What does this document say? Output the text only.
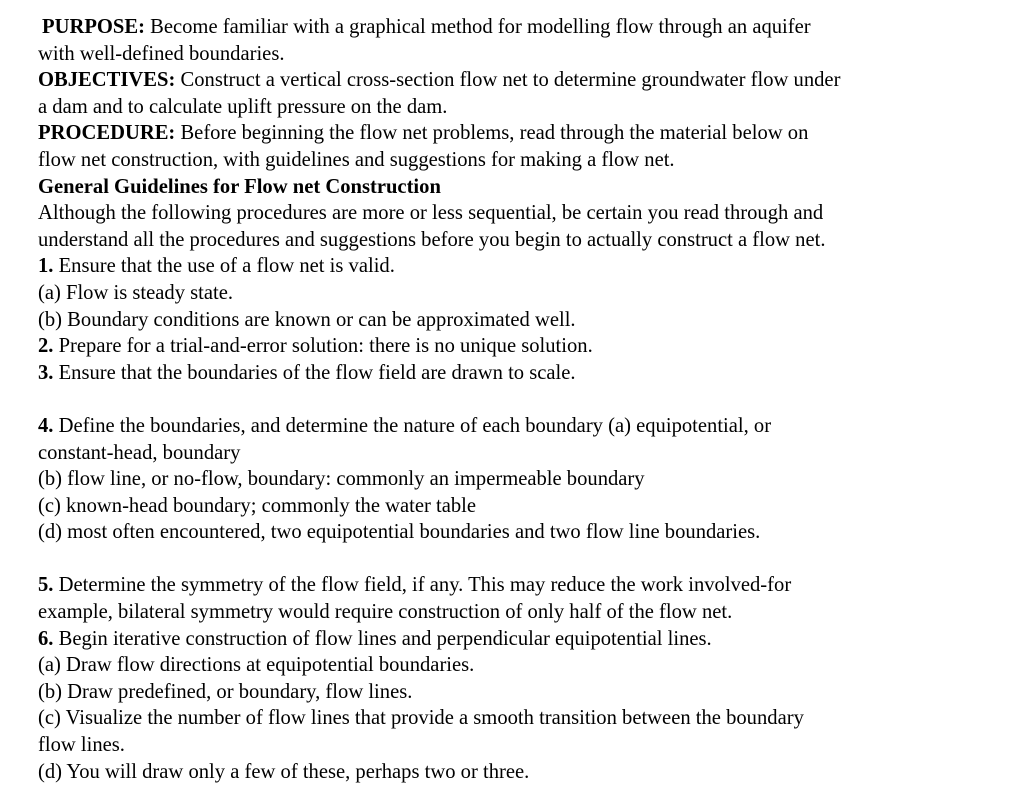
PURPOSE: Become familiar with a graphical method for modelling flow through an aquifer
with well-defined boundaries.
OBJECTIVES: Construct a vertical cross-section flow net to determine groundwater flow under
a dam and to calculate uplift pressure on the dam.
PROCEDURE: Before beginning the flow net problems, read through the material below on
flow net construction, with guidelines and suggestions for making a flow net.
General Guidelines for Flow net Construction
Although the following procedures are more or less sequential, be certain you read through and
understand all the procedures and suggestions before you begin to actually construct a flow net.
1. Ensure that the use of a flow net is valid.
(a) Flow is steady state.
(b) Boundary conditions are known or can be approximated well.
2. Prepare for a trial-and-error solution: there is no unique solution.
3. Ensure that the boundaries of the flow field are drawn to scale.
4. Define the boundaries, and determine the nature of each boundary (a) equipotential, or
constant-head, boundary
(b) flow line, or no-flow, boundary: commonly an impermeable boundary
(c) known-head boundary; commonly the water table
(d) most often encountered, two equipotential boundaries and two flow line boundaries.
5. Determine the symmetry of the flow field, if any. This may reduce the work involved-for
example, bilateral symmetry would require construction of only half of the flow net.
6. Begin iterative construction of flow lines and perpendicular equipotential lines.
(a) Draw flow directions at equipotential boundaries.
(b) Draw predefined, or boundary, flow lines.
(c) Visualize the number of flow lines that provide a smooth transition between the boundary
flow lines.
(d) You will draw only a few of these, perhaps two or three.
